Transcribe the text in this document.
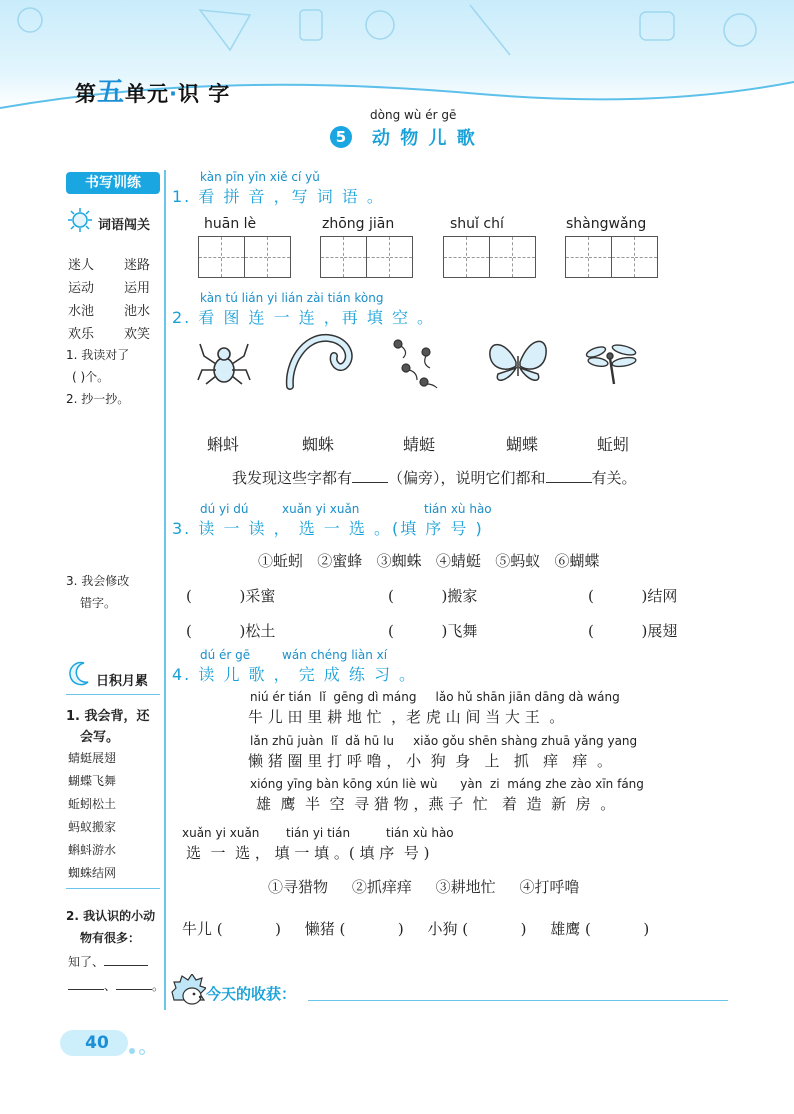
第五单元·识 字
dòng wù ér gē
5	动 物 儿 歌
书写训练
词语闯关
迷人 迷路
运动 运用
水池 池水
欢乐 欢笑
1. 我读对了
( )个。
2. 抄一抄。
3. 我会修改
错字。
日积月累
1. 我会背，还
会写。
蜻蜓展翅
蝴蝶飞舞
蚯蚓松土
蚂蚁搬家
蝌蚪游水
蜘蛛结网
2. 我认识的小动
物有很多：
知了、
、	。
kàn pīn yīn xiě cí yǔ
1. 看 拼 音 ，写 词 语 。
huān lè	zhōng jiān	shuǐ chí	shàngwǎng
kàn tú lián yi lián zài tián kòng
2. 看 图 连 一 连 ，再 填 空 。
蝌蚪	蜘蛛	蜻蜓	蝴蝶	蚯蚓
我发现这些字都有 （偏旁），说明它们都和	有关。
dú yi dú	xuǎn yi xuǎn	tián xù hào
3. 读 一 读 ， 选 一 选 。(填 序 号 )
①蚯蚓   ②蜜蜂   ③蜘蛛   ④蜻蜓   ⑤蚂蚁   ⑥蝴蝶
(          )采蜜	(          )搬家	(          )结网
(          )松土	(          )飞舞	(          )展翅
dú ér gē	wán chéng liàn xí
4. 读 儿 歌 ， 完 成 练 习 。
niú ér tián  lǐ  gēng dì máng     lǎo hǔ shān jiān dāng dà wáng
牛 儿 田 里 耕 地 忙  ，老 虎 山 间 当 大 王  。
lǎn zhū juàn  lǐ  dǎ hū lu     xiǎo gǒu shēn shàng zhuā yǎng yang
懒 猪 圈 里 打 呼 噜 ， 小  狗  身   上   抓   痒   痒  。
xióng yīng bàn kōng xún liè wù      yàn  zi  máng zhe zào xīn fáng
雄  鹰  半  空  寻 猎 物 ，燕 子  忙   着  造  新  房  。
xuǎn yi xuǎn tián yi tián	tián xù hào
选  一  选 ， 填 一 填 。( 填 序  号 )
①寻猎物     ②抓痒痒     ③耕地忙     ④打呼噜
牛儿 (           )     懒猪 (           )     小狗 (           )     雄鹰 (           )
今天的收获：
40
